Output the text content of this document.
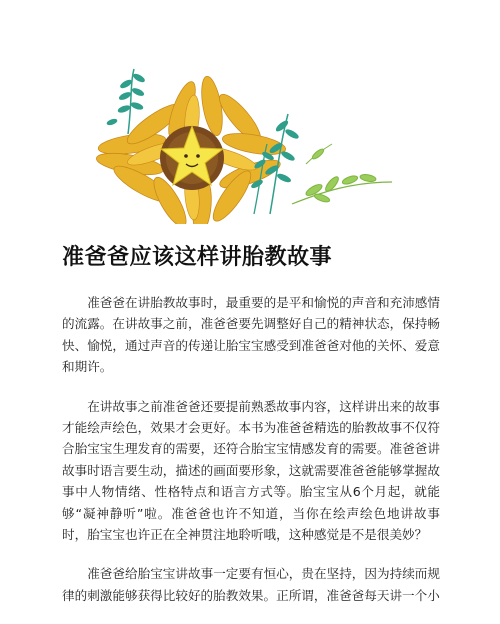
准爸爸应该这样讲胎教故事

准爸爸在讲胎教故事时，最重要的是平和愉悦的声音和充沛感情的流露。在讲故事之前，准爸爸要先调整好自己的精神状态，保持畅快、愉悦，通过声音的传递让胎宝宝感受到准爸爸对他的关怀、爱意和期许。

在讲故事之前准爸爸还要提前熟悉故事内容，这样讲出来的故事才能绘声绘色，效果才会更好。本书为准爸爸精选的胎教故事不仅符合胎宝宝生理发育的需要，还符合胎宝宝情感发育的需要。准爸爸讲故事时语言要生动，描述的画面要形象，这就需要准爸爸能够掌握故事中人物情绪、性格特点和语言方式等。胎宝宝从6个月起，就能够“凝神静听”啦。准爸爸也许不知道，当你在绘声绘色地讲故事时，胎宝宝也许正在全神贯注地聆听哦，这种感觉是不是很美妙？

准爸爸给胎宝宝讲故事一定要有恒心，贵在坚持，因为持续而规律的刺激能够获得比较好的胎教效果。正所谓，准爸爸每天讲一个小
